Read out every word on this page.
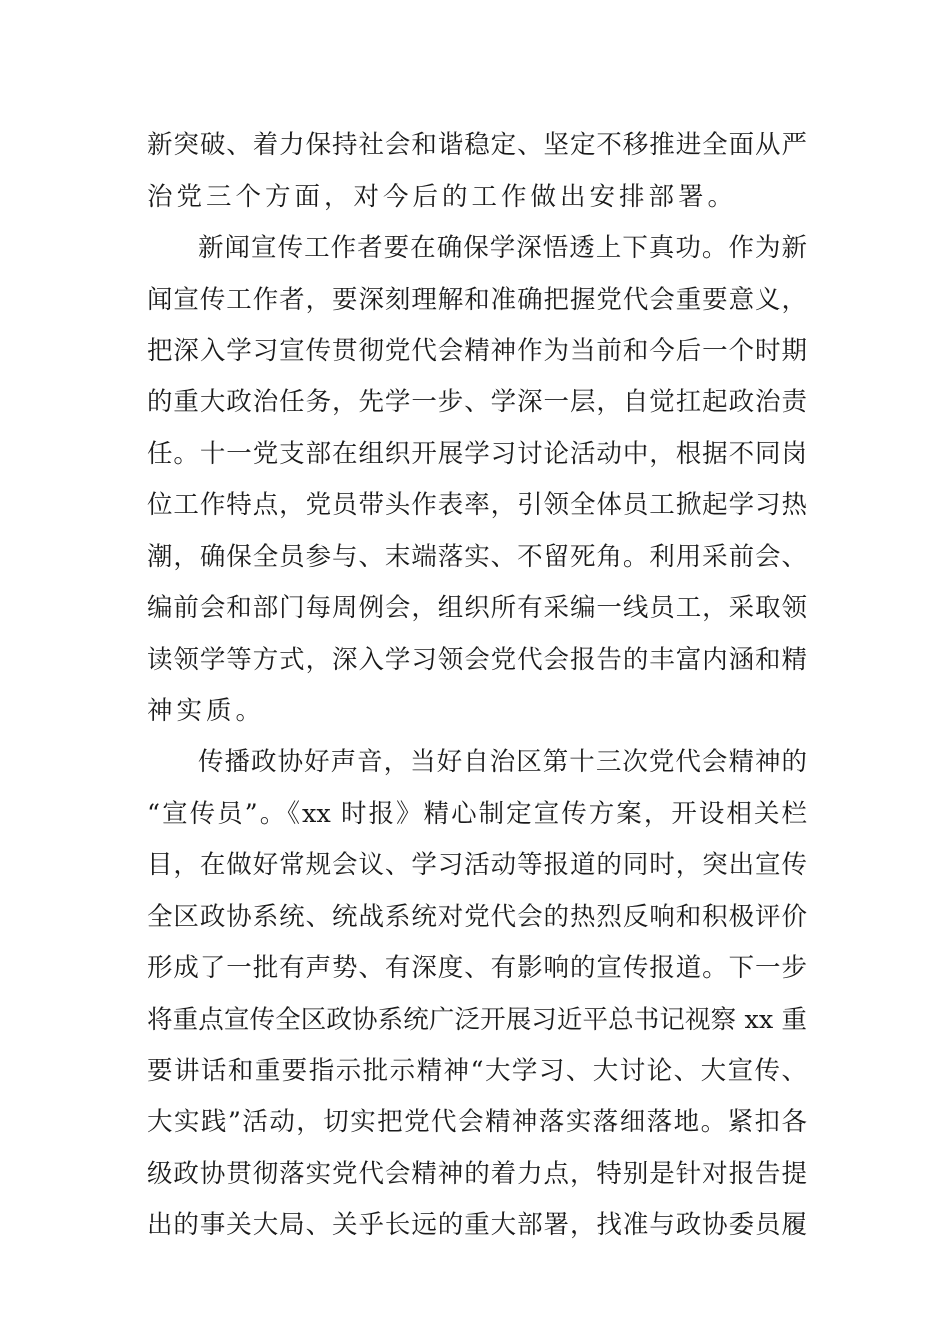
新突破、着力保持社会和谐稳定、坚定不移推进全面从严
治党三个方面，对今后的工作做出安排部署。
新闻宣传工作者要在确保学深悟透上下真功。作为新
闻宣传工作者，要深刻理解和准确把握党代会重要意义，
把深入学习宣传贯彻党代会精神作为当前和今后一个时期
的重大政治任务，先学一步、学深一层，自觉扛起政治责
任。十一党支部在组织开展学习讨论活动中，根据不同岗
位工作特点，党员带头作表率，引领全体员工掀起学习热
潮，确保全员参与、末端落实、不留死角。利用采前会、
编前会和部门每周例会，组织所有采编一线员工，采取领
读领学等方式，深入学习领会党代会报告的丰富内涵和精
神实质。
传播政协好声音，当好自治区第十三次党代会精神的
“宣传员”。《xx 时报》精心制定宣传方案，开设相关栏
目，在做好常规会议、学习活动等报道的同时，突出宣传
全区政协系统、统战系统对党代会的热烈反响和积极评价
形成了一批有声势、有深度、有影响的宣传报道。下一步
将重点宣传全区政协系统广泛开展习近平总书记视察 xx 重
要讲话和重要指示批示精神“大学习、大讨论、大宣传、
大实践”活动，切实把党代会精神落实落细落地。紧扣各
级政协贯彻落实党代会精神的着力点，特别是针对报告提
出的事关大局、关乎长远的重大部署，找准与政协委员履
